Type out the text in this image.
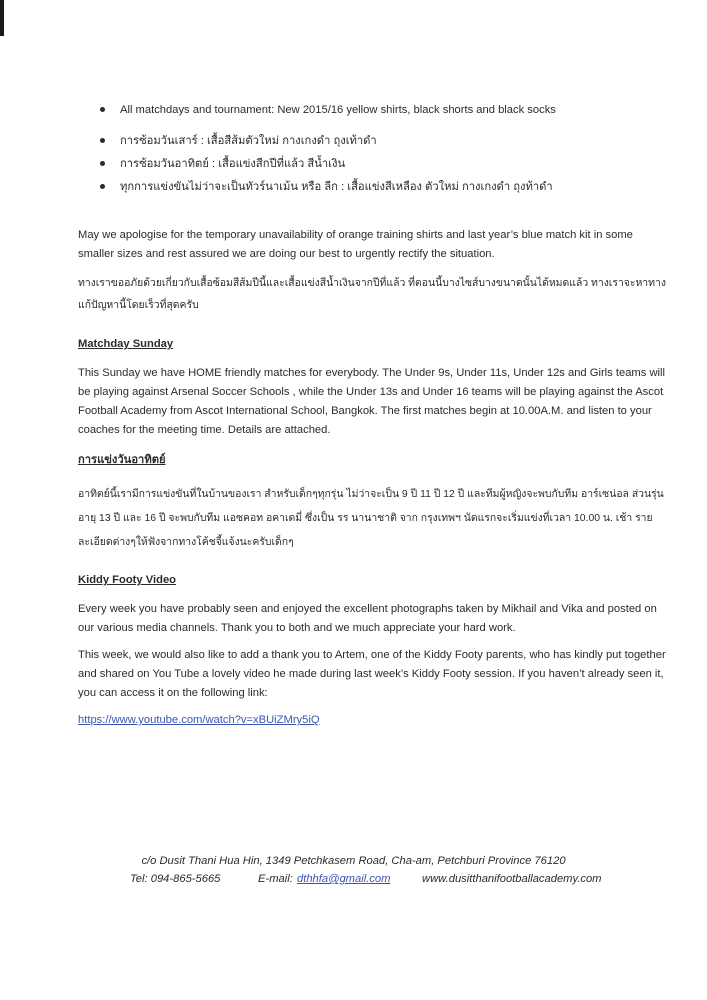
All matchdays and tournament: New 2015/16 yellow shirts, black shorts and black socks
การซ้อมวันเสาร์ : เสื้อสีส้มตัวใหม่ กางเกงดำ ถุงเท้าดำ
การซ้อมวันอาทิตย์ : เสื้อแข่งสีกปีที่แล้ว สีน้ำเงิน
ทุกการแข่งขันไม่ว่าจะเป็นทัวร์นาเม้น หรือ ลีก : เสื้อแข่งสีเหลือง ตัวใหม่ กางเกงดำ ถุงท้าดำ

May we apologise for the temporary unavailability of orange training shirts and last year’s blue match kit in some smaller sizes and rest assured we are doing our best to urgently rectify the situation.

ทางเราขออภัยด้วยเกี่ยวกับเสื้อซ้อมสีส้มปีนี้และเสื้อแข่งสีน้ำเงินจากปีที่แล้ว ที่ตอนนี้บางไซส์บางขนาดนั้นได้หมดแล้ว ทางเราจะหาทางแก้ปัญหานี้โดยเร็วที่สุดครับ

Matchday Sunday

This Sunday we have HOME friendly matches for everybody. The Under 9s, Under 11s, Under 12s and Girls teams will be playing against Arsenal Soccer Schools , while the Under 13s and Under 16 teams will be playing against the Ascot Football Academy from Ascot International School, Bangkok. The first matches begin at 10.00A.M. and listen to your coaches for the meeting time. Details are attached.

การแข่งวันอาทิตย์

อาทิตย์นี้เรามีการแข่งขันที่ในบ้านของเรา สำหรับเด็กๆทุกรุ่น ไม่ว่าจะเป็น 9 ปี 11 ปี 12 ปี และทีมผู้หญิงจะพบกับทีม อาร์เซน่อล ส่วนรุ่นอายุ 13 ปี และ 16 ปี จะพบกับทีม แอซคอท อคาเดมี่ ซึ่งเป็น รร นานาชาติ จาก กรุงเทพฯ นัดแรกจะเริ่มแข่งที่เวลา 10.00 น. เช้า รายละเอียดต่างๆให้ฟังจากทางโค้ชจี้แจ้งนะครับเด็กๆ

Kiddy Footy Video

Every week you have probably seen and enjoyed the excellent photographs taken by Mikhail and Vika and posted on our various media channels. Thank you to both and we much appreciate your hard work.

This week, we would also like to add a thank you to Artem, one of the Kiddy Footy parents, who has kindly put together and shared on You Tube a lovely video he made during last week’s Kiddy Footy session. If you haven’t already seen it, you can access it on the following link:

https://www.youtube.com/watch?v=xBUiZMry5iQ
c/o Dusit Thani Hua Hin, 1349 Petchkasem Road, Cha-am, Petchburi Province 76120
Tel: 094-865-5665	E-mail: dthhfa@gmail.com	www.dusitthanifootballacademy.com
